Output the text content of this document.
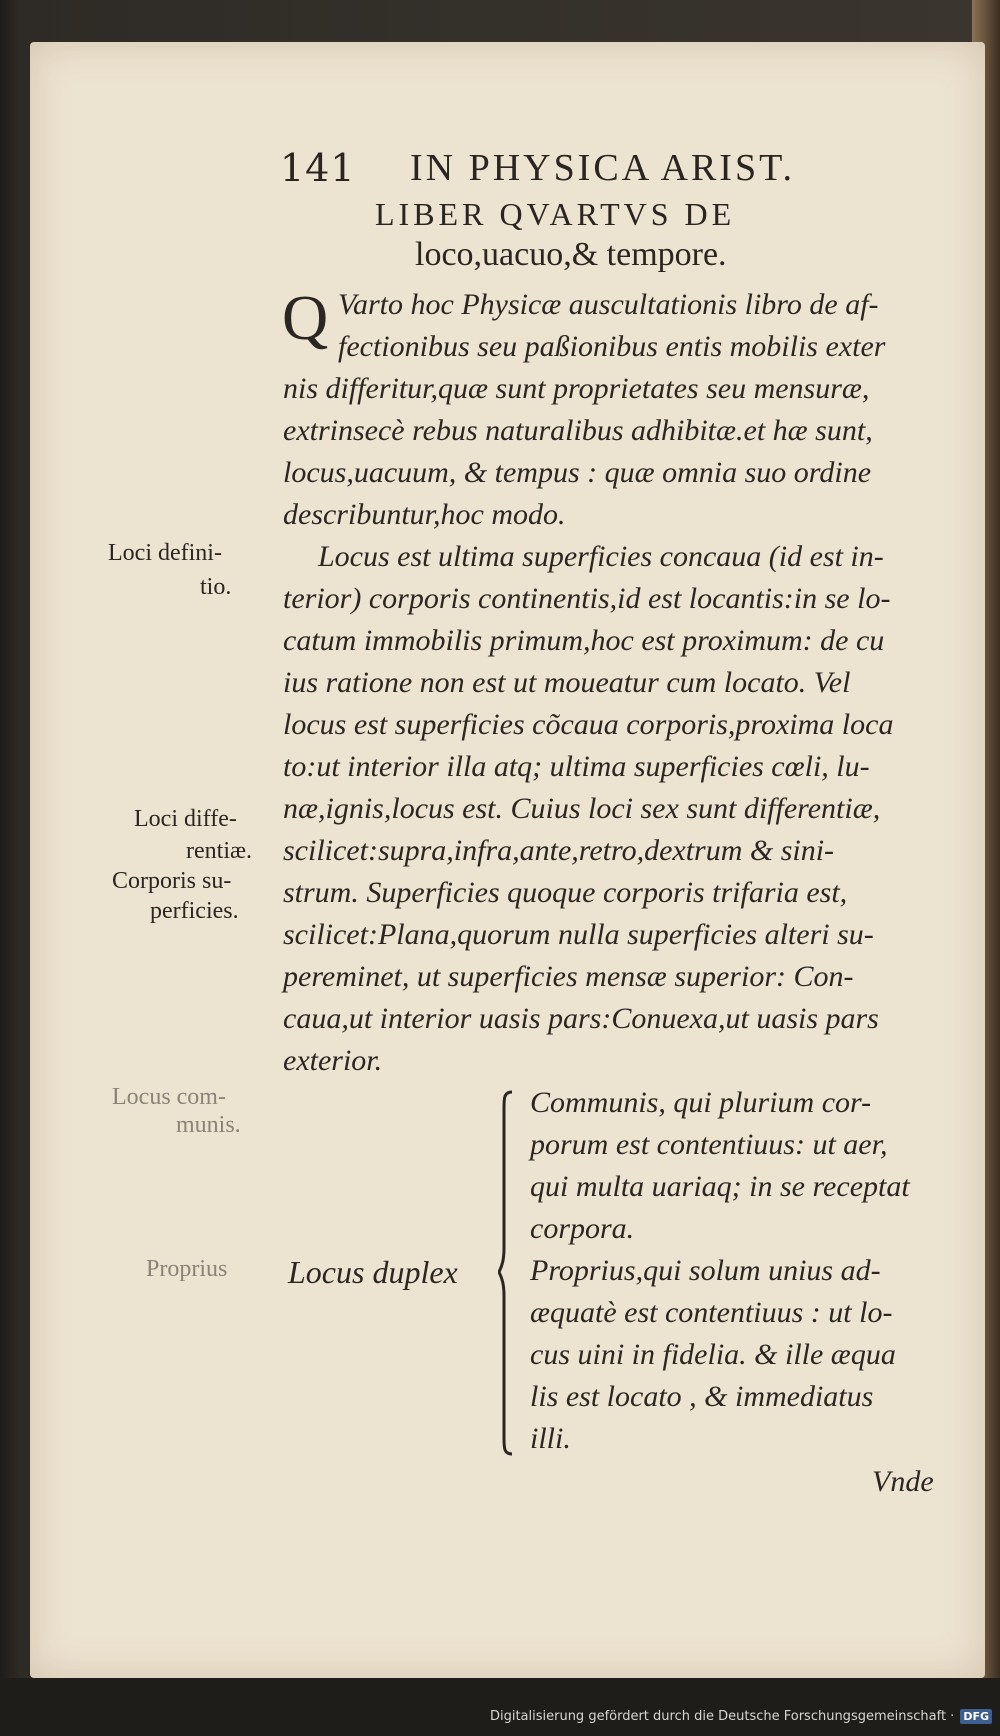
141 IN PHYSICA ARIST.
LIBER QVARTVS DE
loco,uacuo,& tempore.
Q Varto hoc Physicæ auscultationis libro de af-
fectionibus seu paßionibus entis mobilis exter
nis differitur,quæ sunt proprietates seu mensuræ,
extrinsecè rebus naturalibus adhibitæ.et hæ sunt,
locus,uacuum, & tempus : quæ omnia suo ordine
describuntur,hoc modo.
Locus est ultima superficies concaua (id est in-
terior) corporis continentis,id est locantis:in se lo-
catum immobilis primum,hoc est proximum: de cu
ius ratione non est ut moueatur cum locato. Vel
locus est superficies cõcaua corporis,proxima loca
to:ut interior illa atq; ultima superficies cœli, lu-
næ,ignis,locus est. Cuius loci sex sunt differentiæ,
scilicet:supra,infra,ante,retro,dextrum & sini-
strum. Superficies quoque corporis trifaria est,
scilicet:Plana,quorum nulla superficies alteri su-
pereminet, ut superficies mensæ superior: Con-
caua,ut interior uasis pars:Conuexa,ut uasis pars
exterior.
Loci defini-
tio.
Loci diffe-
rentiæ.
Corporis su-
perficies.
Locus com-
munis.
Proprius Locus duplex
Communis, qui plurium cor-
porum est contentiuus: ut aer,
qui multa uariaq; in se receptat
corpora.
Proprius,qui solum unius ad-
æquatè est contentiuus : ut lo-
cus uini in fidelia. & ille æqua
lis est locato , & immediatus
illi.
Vnde
Digitalisierung gefördert durch die Deutsche Forschungsgemeinschaft · DFG
